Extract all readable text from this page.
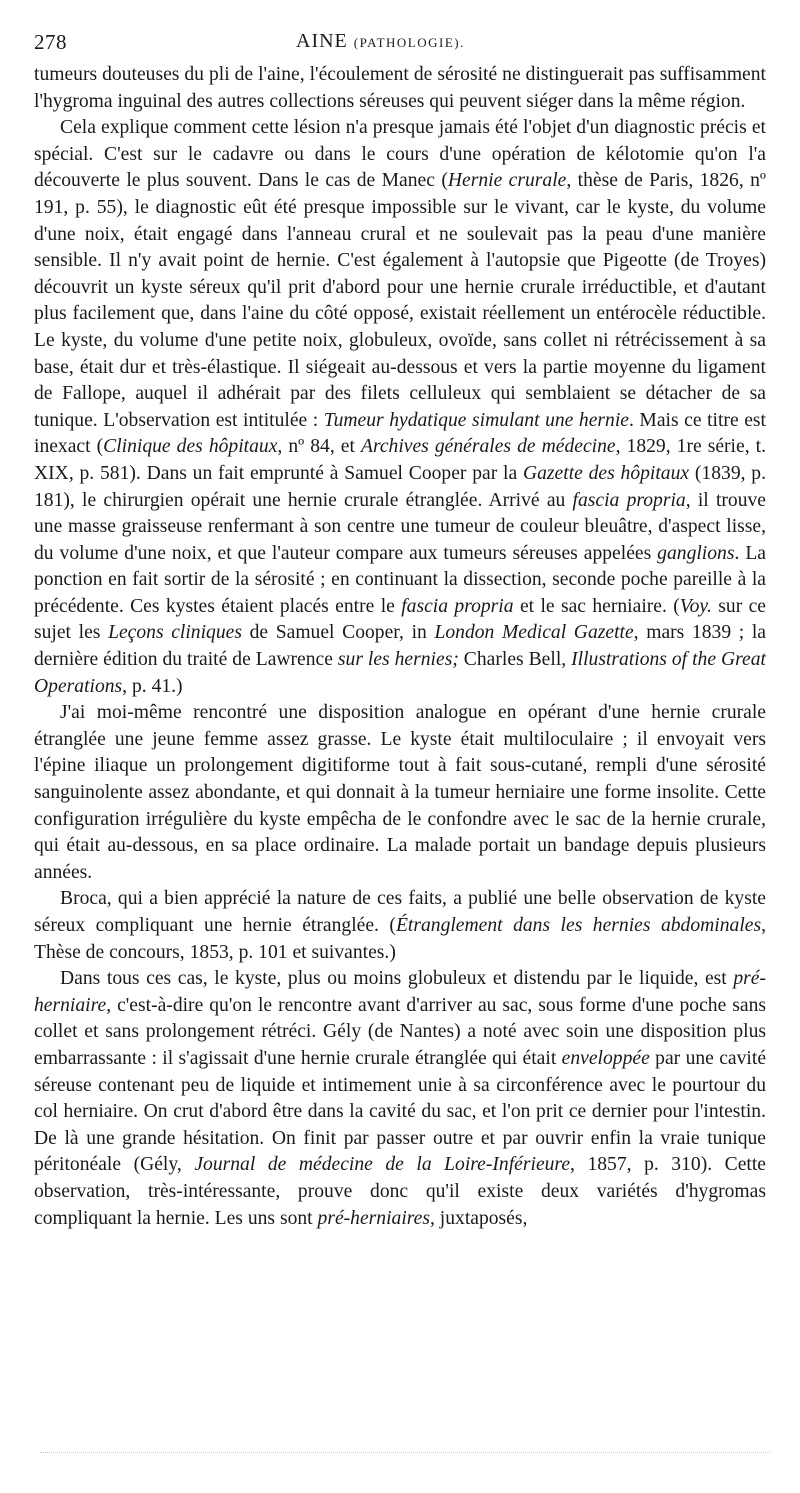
278	AINE (PATHOLOGIE).

tumeurs douteuses du pli de l'aine, l'écoulement de sérosité ne distinguerait pas suffisamment l'hygroma inguinal des autres collections séreuses qui peuvent siéger dans la même région.

Cela explique comment cette lésion n'a presque jamais été l'objet d'un diagnostic précis et spécial. C'est sur le cadavre ou dans le cours d'une opération de kélotomie qu'on l'a découverte le plus souvent. Dans le cas de Manec (Hernie crurale, thèse de Paris, 1826, nº 191, p. 55), le diagnostic eût été presque impossible sur le vivant, car le kyste, du volume d'une noix, était engagé dans l'anneau crural et ne soulevait pas la peau d'une manière sensible. Il n'y avait point de hernie. C'est également à l'autopsie que Pigeotte (de Troyes) découvrit un kyste séreux qu'il prit d'abord pour une hernie crurale irréductible, et d'autant plus facilement que, dans l'aine du côté opposé, existait réellement un entérocèle réductible. Le kyste, du volume d'une petite noix, globuleux, ovoïde, sans collet ni rétrécissement à sa base, était dur et très-élastique. Il siégeait au-dessous et vers la partie moyenne du ligament de Fallope, auquel il adhérait par des filets celluleux qui semblaient se détacher de sa tunique. L'observation est intitulée : Tumeur hydatique simulant une hernie. Mais ce titre est inexact (Clinique des hôpitaux, nº 84, et Archives générales de médecine, 1829, 1re série, t. XIX, p. 581). Dans un fait emprunté à Samuel Cooper par la Gazette des hôpitaux (1839, p. 181), le chirurgien opérait une hernie crurale étranglée. Arrivé au fascia propria, il trouve une masse graisseuse renfermant à son centre une tumeur de couleur bleuâtre, d'aspect lisse, du volume d'une noix, et que l'auteur compare aux tumeurs séreuses appelées ganglions. La ponction en fait sortir de la sérosité ; en continuant la dissection, seconde poche pareille à la précédente. Ces kystes étaient placés entre le fascia propria et le sac herniaire. (Voy. sur ce sujet les Leçons cliniques de Samuel Cooper, in London Medical Gazette, mars 1839 ; la dernière édition du traité de Lawrence sur les hernies; Charles Bell, Illustrations of the Great Operations, p. 41.)

J'ai moi-même rencontré une disposition analogue en opérant d'une hernie crurale étranglée une jeune femme assez grasse. Le kyste était multiloculaire ; il envoyait vers l'épine iliaque un prolongement digitiforme tout à fait sous-cutané, rempli d'une sérosité sanguinolente assez abondante, et qui donnait à la tumeur herniaire une forme insolite. Cette configuration irrégulière du kyste empêcha de le confondre avec le sac de la hernie crurale, qui était au-dessous, en sa place ordinaire. La malade portait un bandage depuis plusieurs années.

Broca, qui a bien apprécié la nature de ces faits, a publié une belle observation de kyste séreux compliquant une hernie étranglée. (Étranglement dans les hernies abdominales, Thèse de concours, 1853, p. 101 et suivantes.)

Dans tous ces cas, le kyste, plus ou moins globuleux et distendu par le liquide, est pré-herniaire, c'est-à-dire qu'on le rencontre avant d'arriver au sac, sous forme d'une poche sans collet et sans prolongement rétréci. Gély (de Nantes) a noté avec soin une disposition plus embarrassante : il s'agissait d'une hernie crurale étranglée qui était enveloppée par une cavité séreuse contenant peu de liquide et intimement unie à sa circonférence avec le pourtour du col herniaire. On crut d'abord être dans la cavité du sac, et l'on prit ce dernier pour l'intestin. De là une grande hésitation. On finit par passer outre et par ouvrir enfin la vraie tunique péritonéale (Gély, Journal de médecine de la Loire-Inférieure, 1857, p. 310). Cette observation, très-intéressante, prouve donc qu'il existe deux variétés d'hygromas compliquant la hernie. Les uns sont pré-herniaires, juxtaposés,
